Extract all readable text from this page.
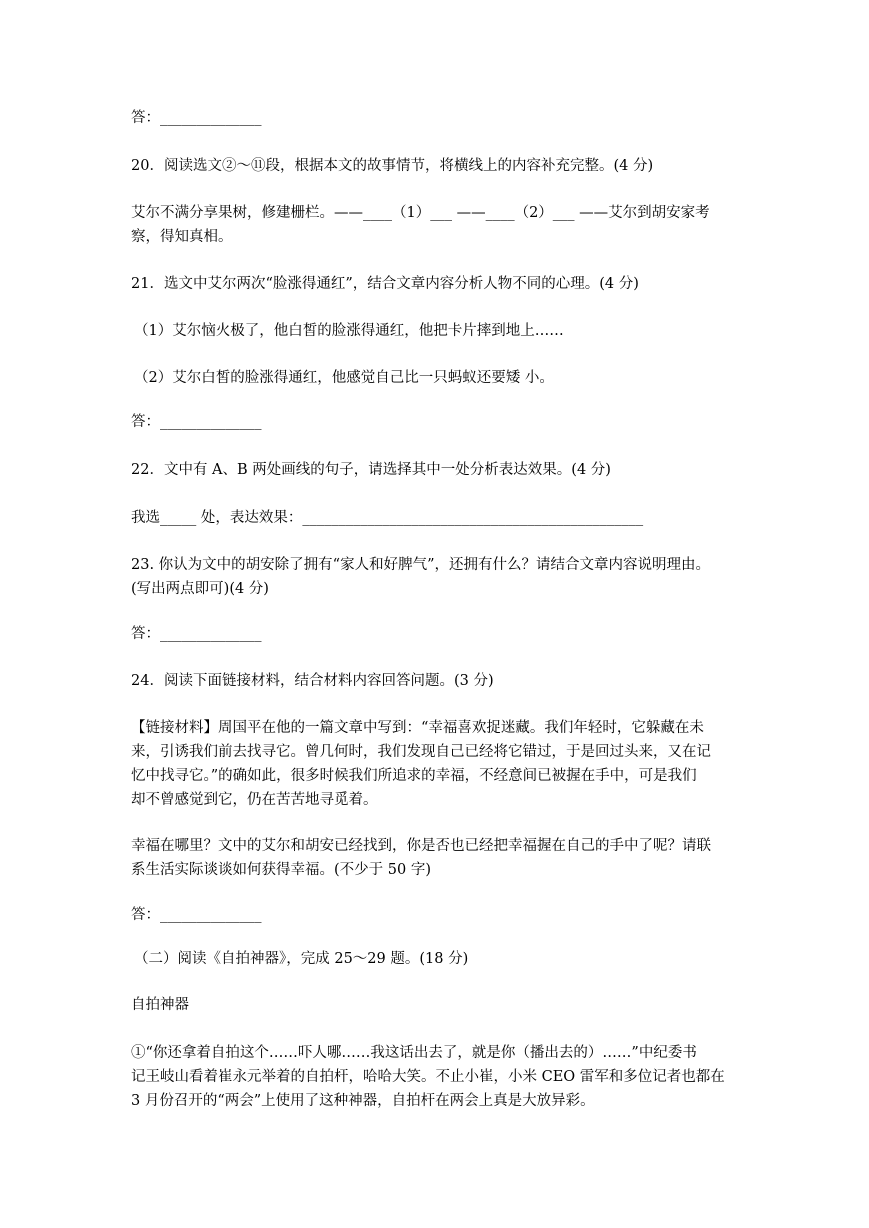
答：______________

20．阅读选文②～⑪段，根据本文的故事情节，将横线上的内容补充完整。(4 分)

艾尔不满分享果树，修建栅栏。——____（1）___ ——____（2）___ ——艾尔到胡安家考

察，得知真相。

21．选文中艾尔两次“脸涨得通红”，结合文章内容分析人物不同的心理。(4 分)

（1）艾尔恼火极了，他白皙的脸涨得通红，他把卡片摔到地上……

（2）艾尔白皙的脸涨得通红，他感觉自己比一只蚂蚁还要矮 小。

答：______________

22．文中有 A、B 两处画线的句子，请选择其中一处分析表达效果。(4 分)

我选_____ 处，表达效果：_______________________________________________

23. 你认为文中的胡安除了拥有“家人和好脾气”，还拥有什么？请结合文章内容说明理由。

(写出两点即可)(4 分)

答：______________

24．阅读下面链接材料，结合材料内容回答问题。(3 分)

【链接材料】周国平在他的一篇文章中写到：“幸福喜欢捉迷藏。我们年轻时，它躲藏在未

来，引诱我们前去找寻它。曾几何时，我们发现自己已经将它错过，于是回过头来，又在记

忆中找寻它。”的确如此，很多时候我们所追求的幸福，不经意间已被握在手中，可是我们

却不曾感觉到它，仍在苦苦地寻觅着。

幸福在哪里？文中的艾尔和胡安已经找到，你是否也已经把幸福握在自己的手中了呢？请联

系生活实际谈谈如何获得幸福。(不少于 50 字)

答：______________

（二）阅读《自拍神器》，完成 25～29 题。(18 分)

自拍神器

①“你还拿着自拍这个……吓人哪……我这话出去了，就是你（播出去的）……”中纪委书

记王岐山看着崔永元举着的自拍杆，哈哈大笑。不止小崔，小米 CEO 雷军和多位记者也都在

3 月份召开的“两会”上使用了这种神器，自拍杆在两会上真是大放异彩。
